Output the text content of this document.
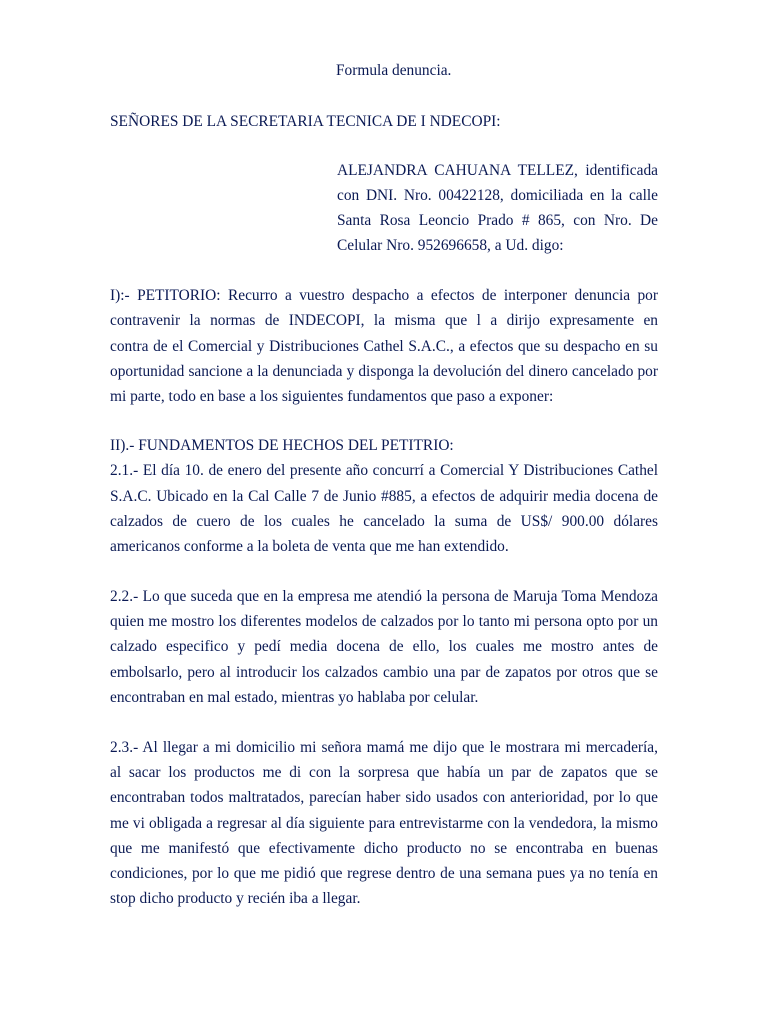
Formula denuncia.
SEÑORES DE LA SECRETARIA TECNICA DE I NDECOPI:
ALEJANDRA CAHUANA TELLEZ, identificada
con DNI. Nro. 00422128, domiciliada en la calle
Santa Rosa Leoncio Prado # 865, con Nro. De
Celular Nro. 952696658, a Ud. digo:
I):- PETITORIO: Recurro a vuestro despacho a efectos de interponer denuncia por
contravenir la normas de INDECOPI, la misma que l a dirijo expresamente en
contra de el Comercial y Distribuciones Cathel S.A.C., a efectos que su despacho en su
oportunidad sancione a la denunciada y disponga la devolución del dinero cancelado por
mi parte, todo en base a los siguientes fundamentos que paso a exponer:
II).- FUNDAMENTOS DE HECHOS DEL PETITRIO:
2.1.- El día 10. de enero del presente año concurrí a Comercial Y Distribuciones Cathel
S.A.C. Ubicado en la Cal Calle 7 de Junio #885, a efectos de adquirir media docena de
calzados de cuero de los cuales he cancelado la suma de US$/ 900.00 dólares
americanos conforme a la boleta de venta que me han extendido.
2.2.- Lo que suceda que en la empresa me atendió la persona de Maruja Toma Mendoza
quien me mostro los diferentes modelos de calzados por lo tanto mi persona opto por un
calzado especifico y pedí media docena de ello, los cuales me mostro antes de
embolsarlo, pero al introducir los calzados cambio una par de zapatos por otros que se
encontraban en mal estado, mientras yo hablaba por celular.
2.3.- Al llegar a mi domicilio mi señora mamá me dijo que le mostrara mi mercadería,
al sacar los productos me di con la sorpresa que había un par de zapatos que se
encontraban todos maltratados, parecían haber sido usados con anterioridad, por lo que
me vi obligada a regresar al día siguiente para entrevistarme con la vendedora, la mismo
que me manifestó que efectivamente dicho producto no se encontraba en buenas
condiciones, por lo que me pidió que regrese dentro de una semana pues ya no tenía en
stop dicho producto y recién iba a llegar.
